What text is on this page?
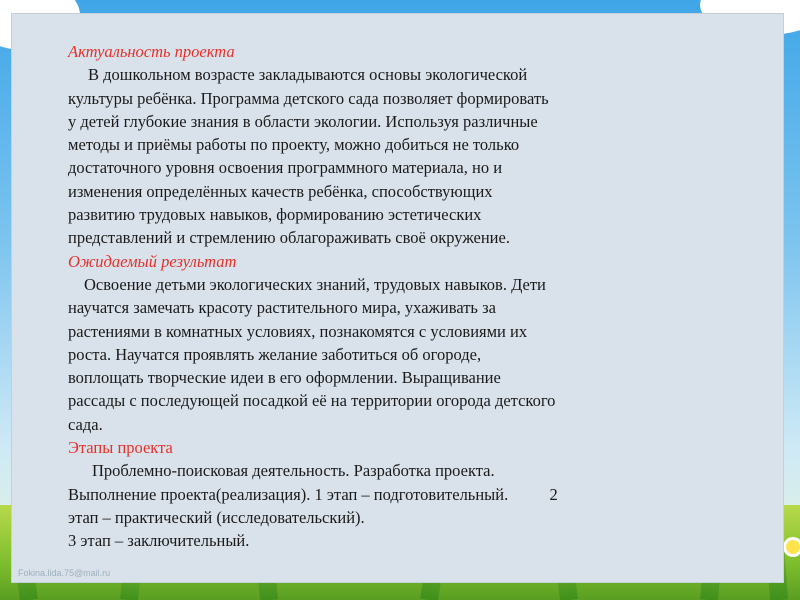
Актуальность проекта

В дошкольном возрасте закладываются основы экологической
культуры ребёнка. Программа детского сада позволяет формировать
у детей глубокие знания в области экологии. Используя различные
методы и приёмы работы по проекту, можно добиться не только
достаточного уровня освоения программного материала, но и
изменения определённых качеств ребёнка, способствующих
развитию трудовых навыков, формированию эстетических
представлений и стремлению облагораживать своё окружение.

Ожидаемый результат

Освоение детьми экологических знаний, трудовых навыков. Дети
научатся замечать красоту растительного мира, ухаживать за
растениями в комнатных условиях, познакомятся с условиями их
роста. Научатся проявлять желание заботиться об огороде,
воплощать творческие идеи в его оформлении. Выращивание
рассады с последующей посадкой её на территории огорода детского
сада.

Этапы проекта

Проблемно-поисковая деятельность. Разработка проекта.
Выполнение проекта(реализация). 1 этап – подготовительный.          2
этап – практический (исследовательский).
3 этап – заключительный.

Fokina.lida.75@mail.ru
